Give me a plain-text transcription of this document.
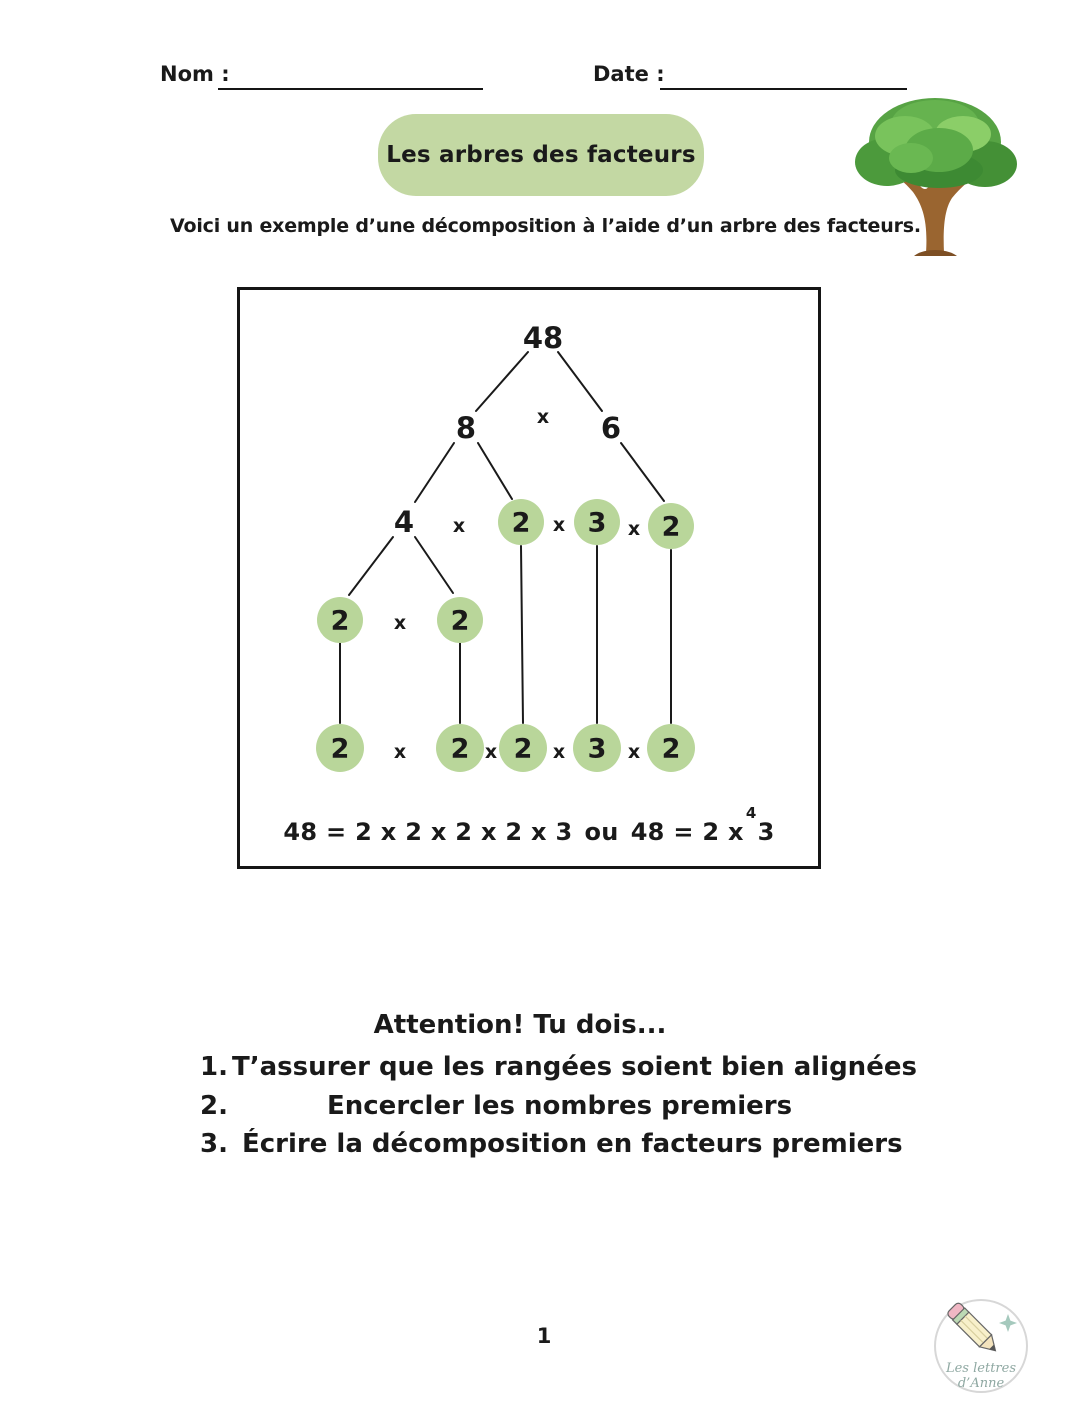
Nom :	Date :
Les arbres des facteurs
Voici un exemple d’une décomposition à l’aide d’un arbre des facteurs.
48
x
8	6
4 x 2 x 3 x 2
2 x 2
2 x 2 x 2 x 3 x 2
48 = 2 x 2 x 2 x 2 x 3 ou 48 = 2 $x^43$
Attention! Tu dois...
1. T’assurer que les rangées soient bien alignées
2.	Encercler les nombres premiers
3. Écrire la décomposition en facteurs premiers
1
Les lettres
d’Anne
